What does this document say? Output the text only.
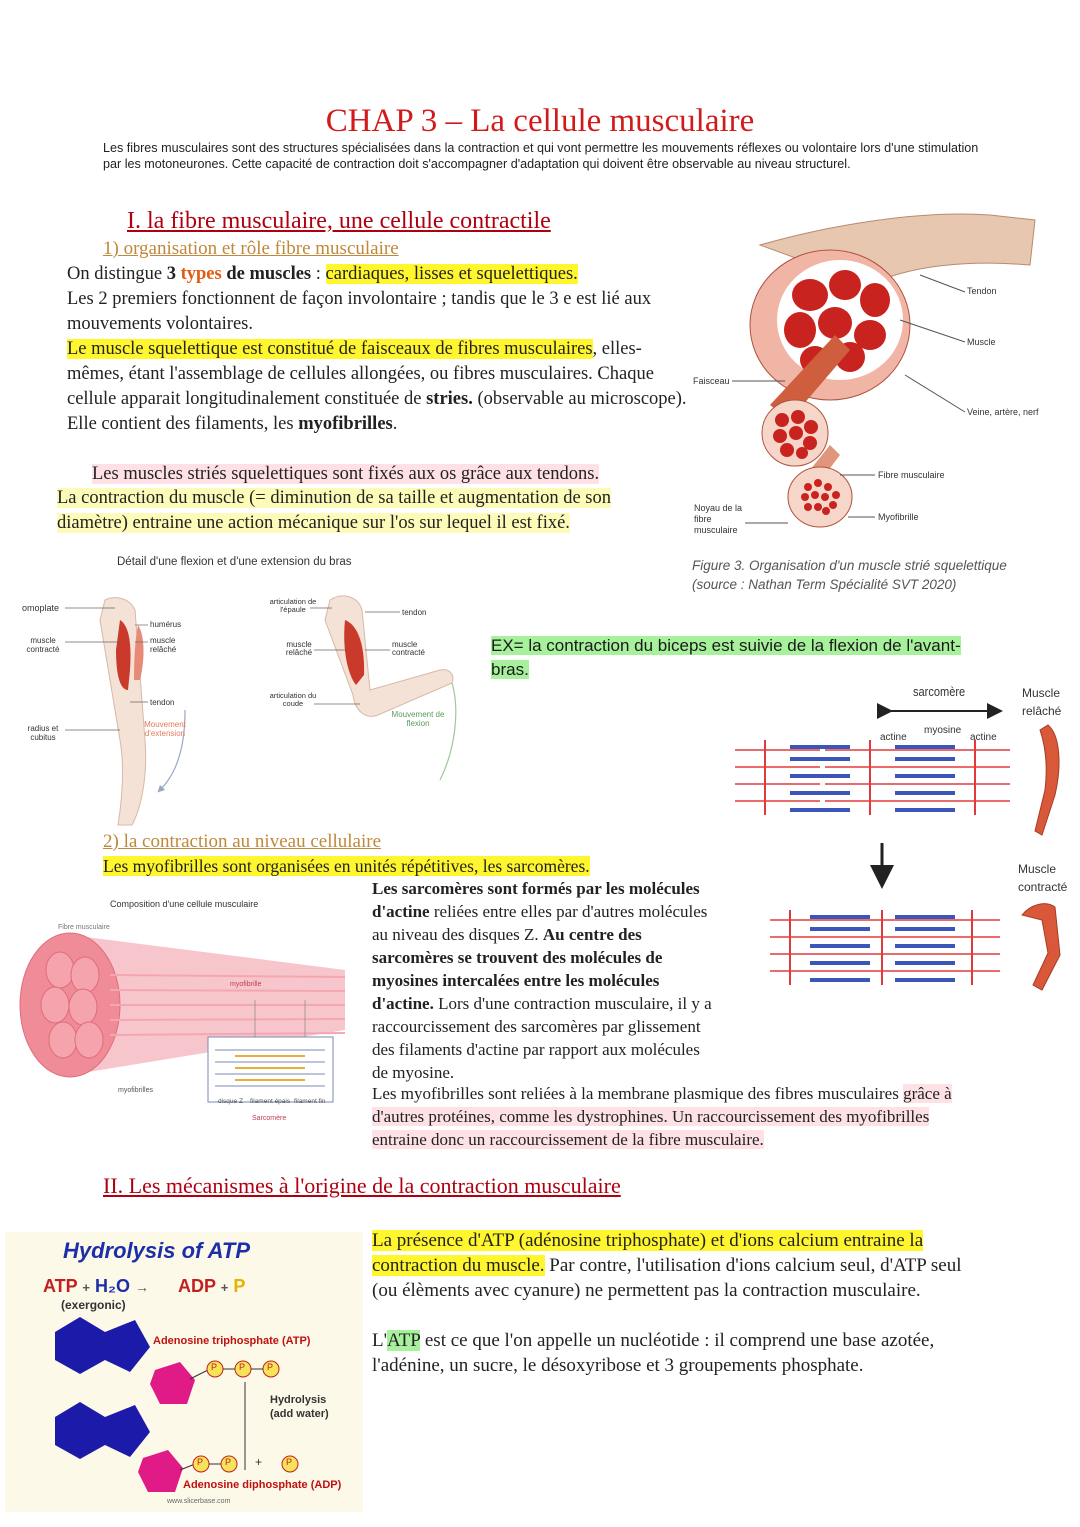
CHAP 3 – La cellule musculaire
Les fibres musculaires sont des structures spécialisées dans la contraction et qui vont permettre les mouvements réflexes ou volontaire lors d'une stimulation par les motoneurones. Cette capacité de contraction doit s'accompagner d'adaptation qui doivent être observable au niveau structurel.
I. la fibre musculaire, une cellule contractile
1) organisation et rôle fibre musculaire
On distingue 3 types de muscles : cardiaques, lisses et squelettiques.
Les 2 premiers fonctionnent de façon involontaire ; tandis que le 3 e est lié aux mouvements volontaires.
Le muscle squelettique est constitué de faisceaux de fibres musculaires, elles-mêmes, étant l'assemblage de cellules allongées, ou fibres musculaires. Chaque cellule apparait longitudinalement constituée de stries. (observable au microscope).
Elle contient des filaments, les myofibrilles.
Les muscles striés squelettiques sont fixés aux os grâce aux tendons.
La contraction du muscle (= diminution de sa taille et augmentation de son diamètre) entraine une action mécanique sur l'os sur lequel il est fixé.
Tendon
Muscle
Veine, artère, nerf
Faisceau
Fibre musculaire
Myofibrille
Noyau de la fibre musculaire
Figure 3. Organisation d'un muscle strié squelettique
(source : Nathan Term Spécialité SVT 2020)
Détail d'une flexion et d'une extension du bras
omoplate
muscle contracté
humérus
muscle relâché
tendon
radius et cubitus
Mouvement d'extension
articulation de l'épaule	tendon
muscle relâché
muscle contracté
articulation du coude
Mouvement de flexion
EX= la contraction du biceps est suivie de la flexion de l'avant-bras.
sarcomère
myosine
actine	actine
Muscle relâché
Muscle contracté
2) la contraction au niveau cellulaire
Les myofibrilles sont organisées en unités répétitives, les sarcomères.
Composition d'une cellule musculaire
Fibre musculaire
myofibrille
myofibrilles
disque Z filament épais filament fin
Sarcomère
Les sarcomères sont formés par les molécules d'actine reliées entre elles par d'autres molécules au niveau des disques Z. Au centre des sarcomères se trouvent des molécules de myosines intercalées entre les molécules d'actine. Lors d'une contraction musculaire, il y a raccourcissement des sarcomères par glissement des filaments d'actine par rapport aux molécules de myosine.
Les myofibrilles sont reliées à la membrane plasmique des fibres musculaires grâce à d'autres protéines, comme les dystrophines. Un raccourcissement des myofibrilles entraine donc un raccourcissement de la fibre musculaire.
II. Les mécanismes à l'origine de la contraction musculaire
Hydrolysis of ATP
ATP + H₂O → ADP + P
(exergonic)
Adenosine triphosphate (ATP)
P P P
Hydrolysis
(add water)
P P +	P
Adenosine diphosphate (ADP)
www.slicerbase.com
La présence d'ATP (adénosine triphosphate) et d'ions calcium entraine la contraction du muscle. Par contre, l'utilisation d'ions calcium seul, d'ATP seul (ou élèments avec cyanure) ne permettent pas la contraction musculaire.
L'ATP est ce que l'on appelle un nucléotide : il comprend une base azotée, l'adénine, un sucre, le désoxyribose et 3 groupements phosphate.
